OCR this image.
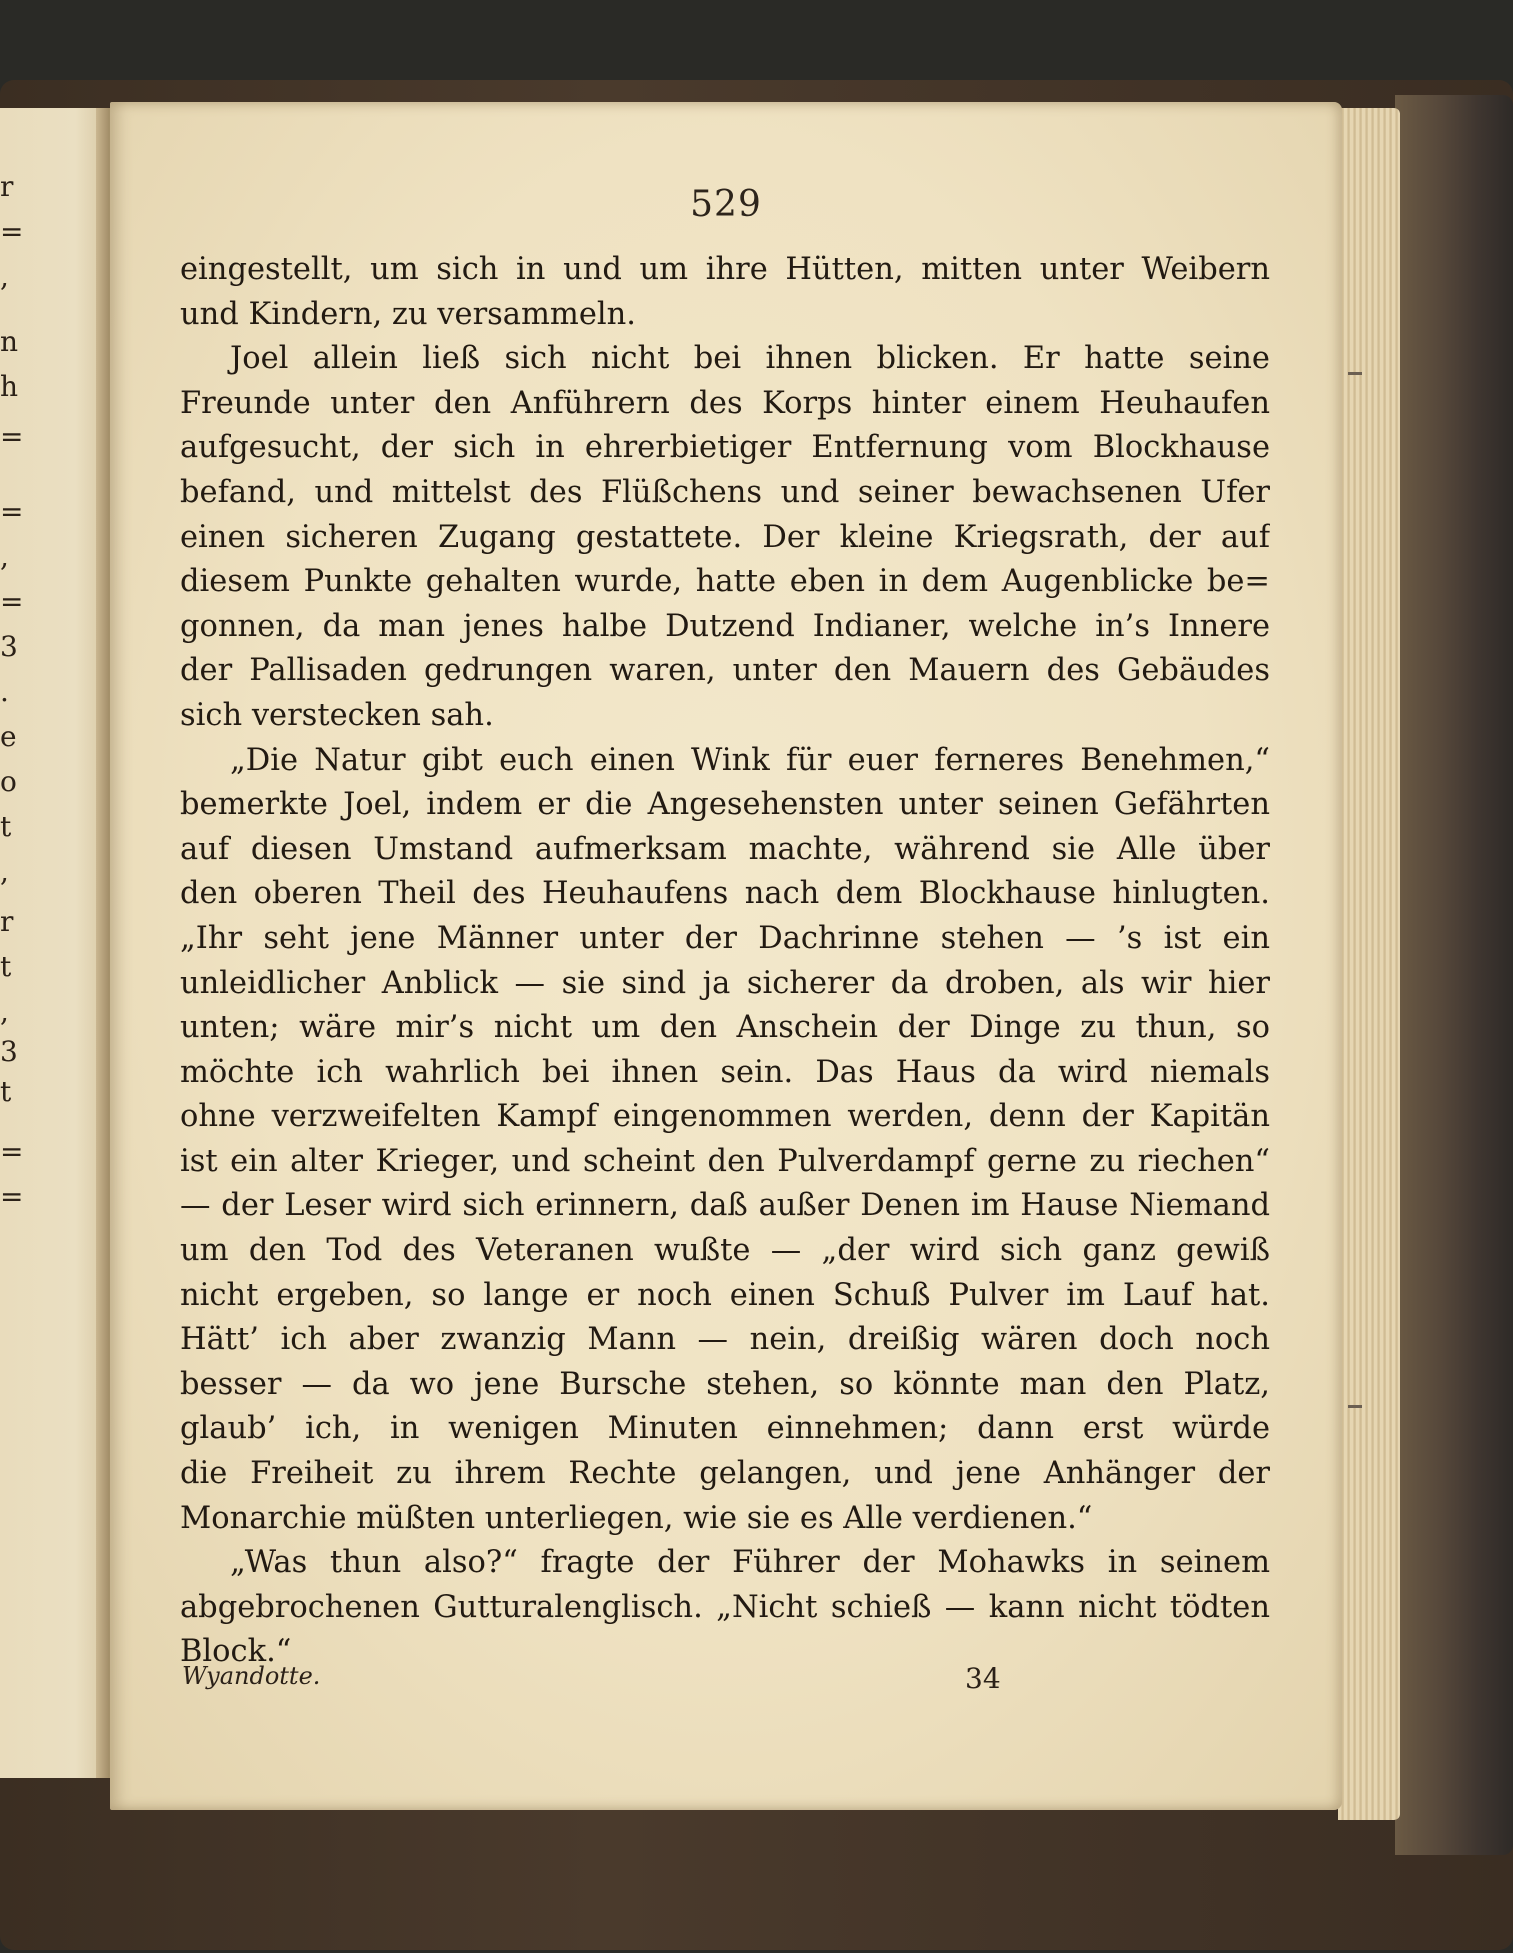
r
=
,
n
h
=
=
,
=
3
.
e
o
t
,
r
t
,
3
t
=
=
529
eingestellt, um sich in und um ihre Hütten, mitten unter Weibern
und Kindern, zu versammeln.
Joel allein ließ sich nicht bei ihnen blicken. Er hatte seine
Freunde unter den Anführern des Korps hinter einem Heuhaufen
aufgesucht, der sich in ehrerbietiger Entfernung vom Blockhause
befand, und mittelst des Flüßchens und seiner bewachsenen Ufer
einen sicheren Zugang gestattete. Der kleine Kriegsrath, der auf
diesem Punkte gehalten wurde, hatte eben in dem Augenblicke be=
gonnen, da man jenes halbe Dutzend Indianer, welche in’s Innere
der Pallisaden gedrungen waren, unter den Mauern des Gebäudes
sich verstecken sah.
„Die Natur gibt euch einen Wink für euer ferneres Benehmen,“
bemerkte Joel, indem er die Angesehensten unter seinen Gefährten
auf diesen Umstand aufmerksam machte, während sie Alle über
den oberen Theil des Heuhaufens nach dem Blockhause hinlugten.
„Ihr seht jene Männer unter der Dachrinne stehen — ’s ist ein
unleidlicher Anblick — sie sind ja sicherer da droben, als wir hier
unten; wäre mir’s nicht um den Anschein der Dinge zu thun, so
möchte ich wahrlich bei ihnen sein. Das Haus da wird niemals
ohne verzweifelten Kampf eingenommen werden, denn der Kapitän
ist ein alter Krieger, und scheint den Pulverdampf gerne zu riechen“
— der Leser wird sich erinnern, daß außer Denen im Hause Niemand
um den Tod des Veteranen wußte — „der wird sich ganz gewiß
nicht ergeben, so lange er noch einen Schuß Pulver im Lauf hat.
Hätt’ ich aber zwanzig Mann — nein, dreißig wären doch noch
besser — da wo jene Bursche stehen, so könnte man den Platz,
glaub’ ich, in wenigen Minuten einnehmen; dann erst würde
die Freiheit zu ihrem Rechte gelangen, und jene Anhänger der
Monarchie müßten unterliegen, wie sie es Alle verdienen.“
„Was thun also?“ fragte der Führer der Mohawks in seinem
abgebrochenen Gutturalenglisch. „Nicht schieß — kann nicht tödten
Block.“
Wyandotte.	34
